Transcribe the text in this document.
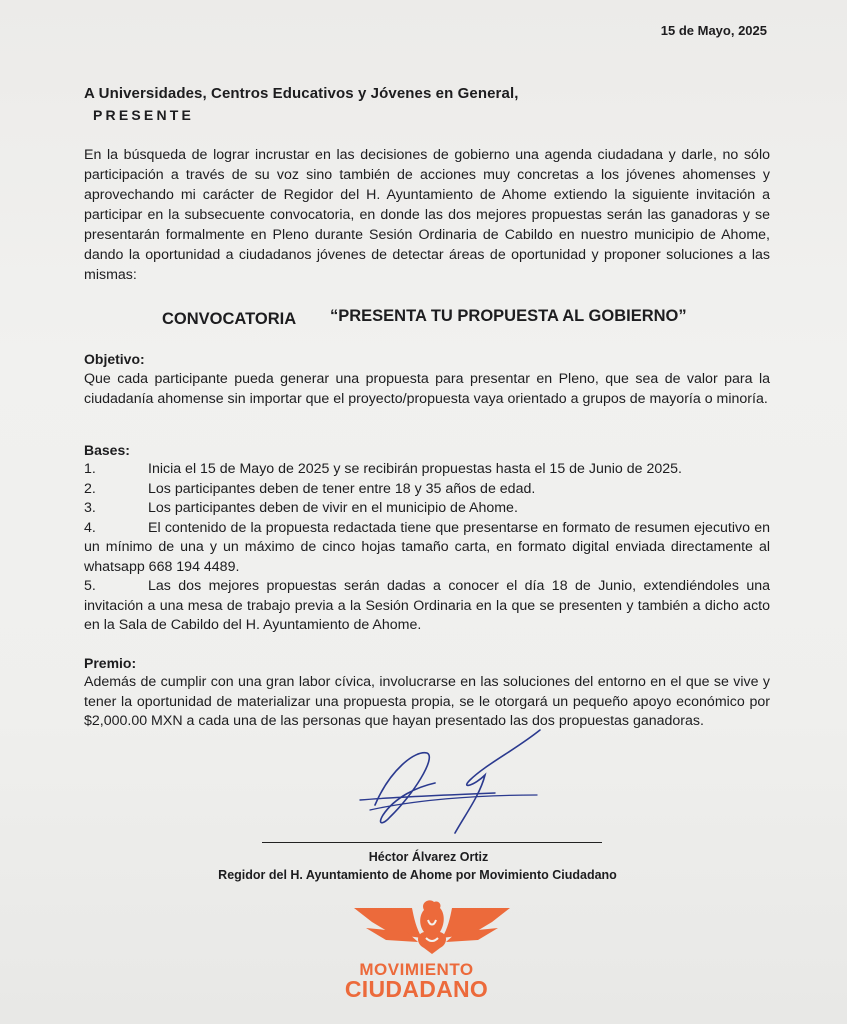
15 de Mayo, 2025
A Universidades, Centros Educativos y Jóvenes en General,
PRESENTE
En la búsqueda de lograr incrustar en las decisiones de gobierno una agenda ciudadana y darle, no sólo participación a través de su voz sino también de acciones muy concretas a los jóvenes ahomenses y aprovechando mi carácter de Regidor del H. Ayuntamiento de Ahome extiendo la siguiente invitación a participar en la subsecuente convocatoria, en donde las dos mejores propuestas serán las ganadoras y se presentarán formalmente en Pleno durante Sesión Ordinaria de Cabildo en nuestro municipio de Ahome, dando la oportunidad a ciudadanos jóvenes de detectar áreas de oportunidad y proponer soluciones a las mismas:
CONVOCATORIA “PRESENTA TU PROPUESTA AL GOBIERNO”
Objetivo:
Que cada participante pueda generar una propuesta para presentar en Pleno, que sea de valor para la ciudadanía ahomense sin importar que el proyecto/propuesta vaya orientado a grupos de mayoría o minoría.
Bases:
1.	Inicia el 15 de Mayo de 2025 y se recibirán propuestas hasta el 15 de Junio de 2025.
2.	Los participantes deben de tener entre 18 y 35 años de edad.
3.	Los participantes deben de vivir en el municipio de Ahome.
4.	El contenido de la propuesta redactada tiene que presentarse en formato de resumen ejecutivo en un mínimo de una y un máximo de cinco hojas tamaño carta, en formato digital enviada directamente al whatsapp 668 194 4489.
5.	Las dos mejores propuestas serán dadas a conocer el día 18 de Junio, extendiéndoles una invitación a una mesa de trabajo previa a la Sesión Ordinaria en la que se presenten y también a dicho acto en la Sala de Cabildo del H. Ayuntamiento de Ahome.
Premio:
Además de cumplir con una gran labor cívica, involucrarse en las soluciones del entorno en el que se vive y tener la oportunidad de materializar una propuesta propia, se le otorgará un pequeño apoyo económico por $2,000.00 MXN a cada una de las personas que hayan presentado las dos propuestas ganadoras.
Héctor Álvarez Ortiz
Regidor del H. Ayuntamiento de Ahome por Movimiento Ciudadano
MOVIMIENTO
CIUDADANO
